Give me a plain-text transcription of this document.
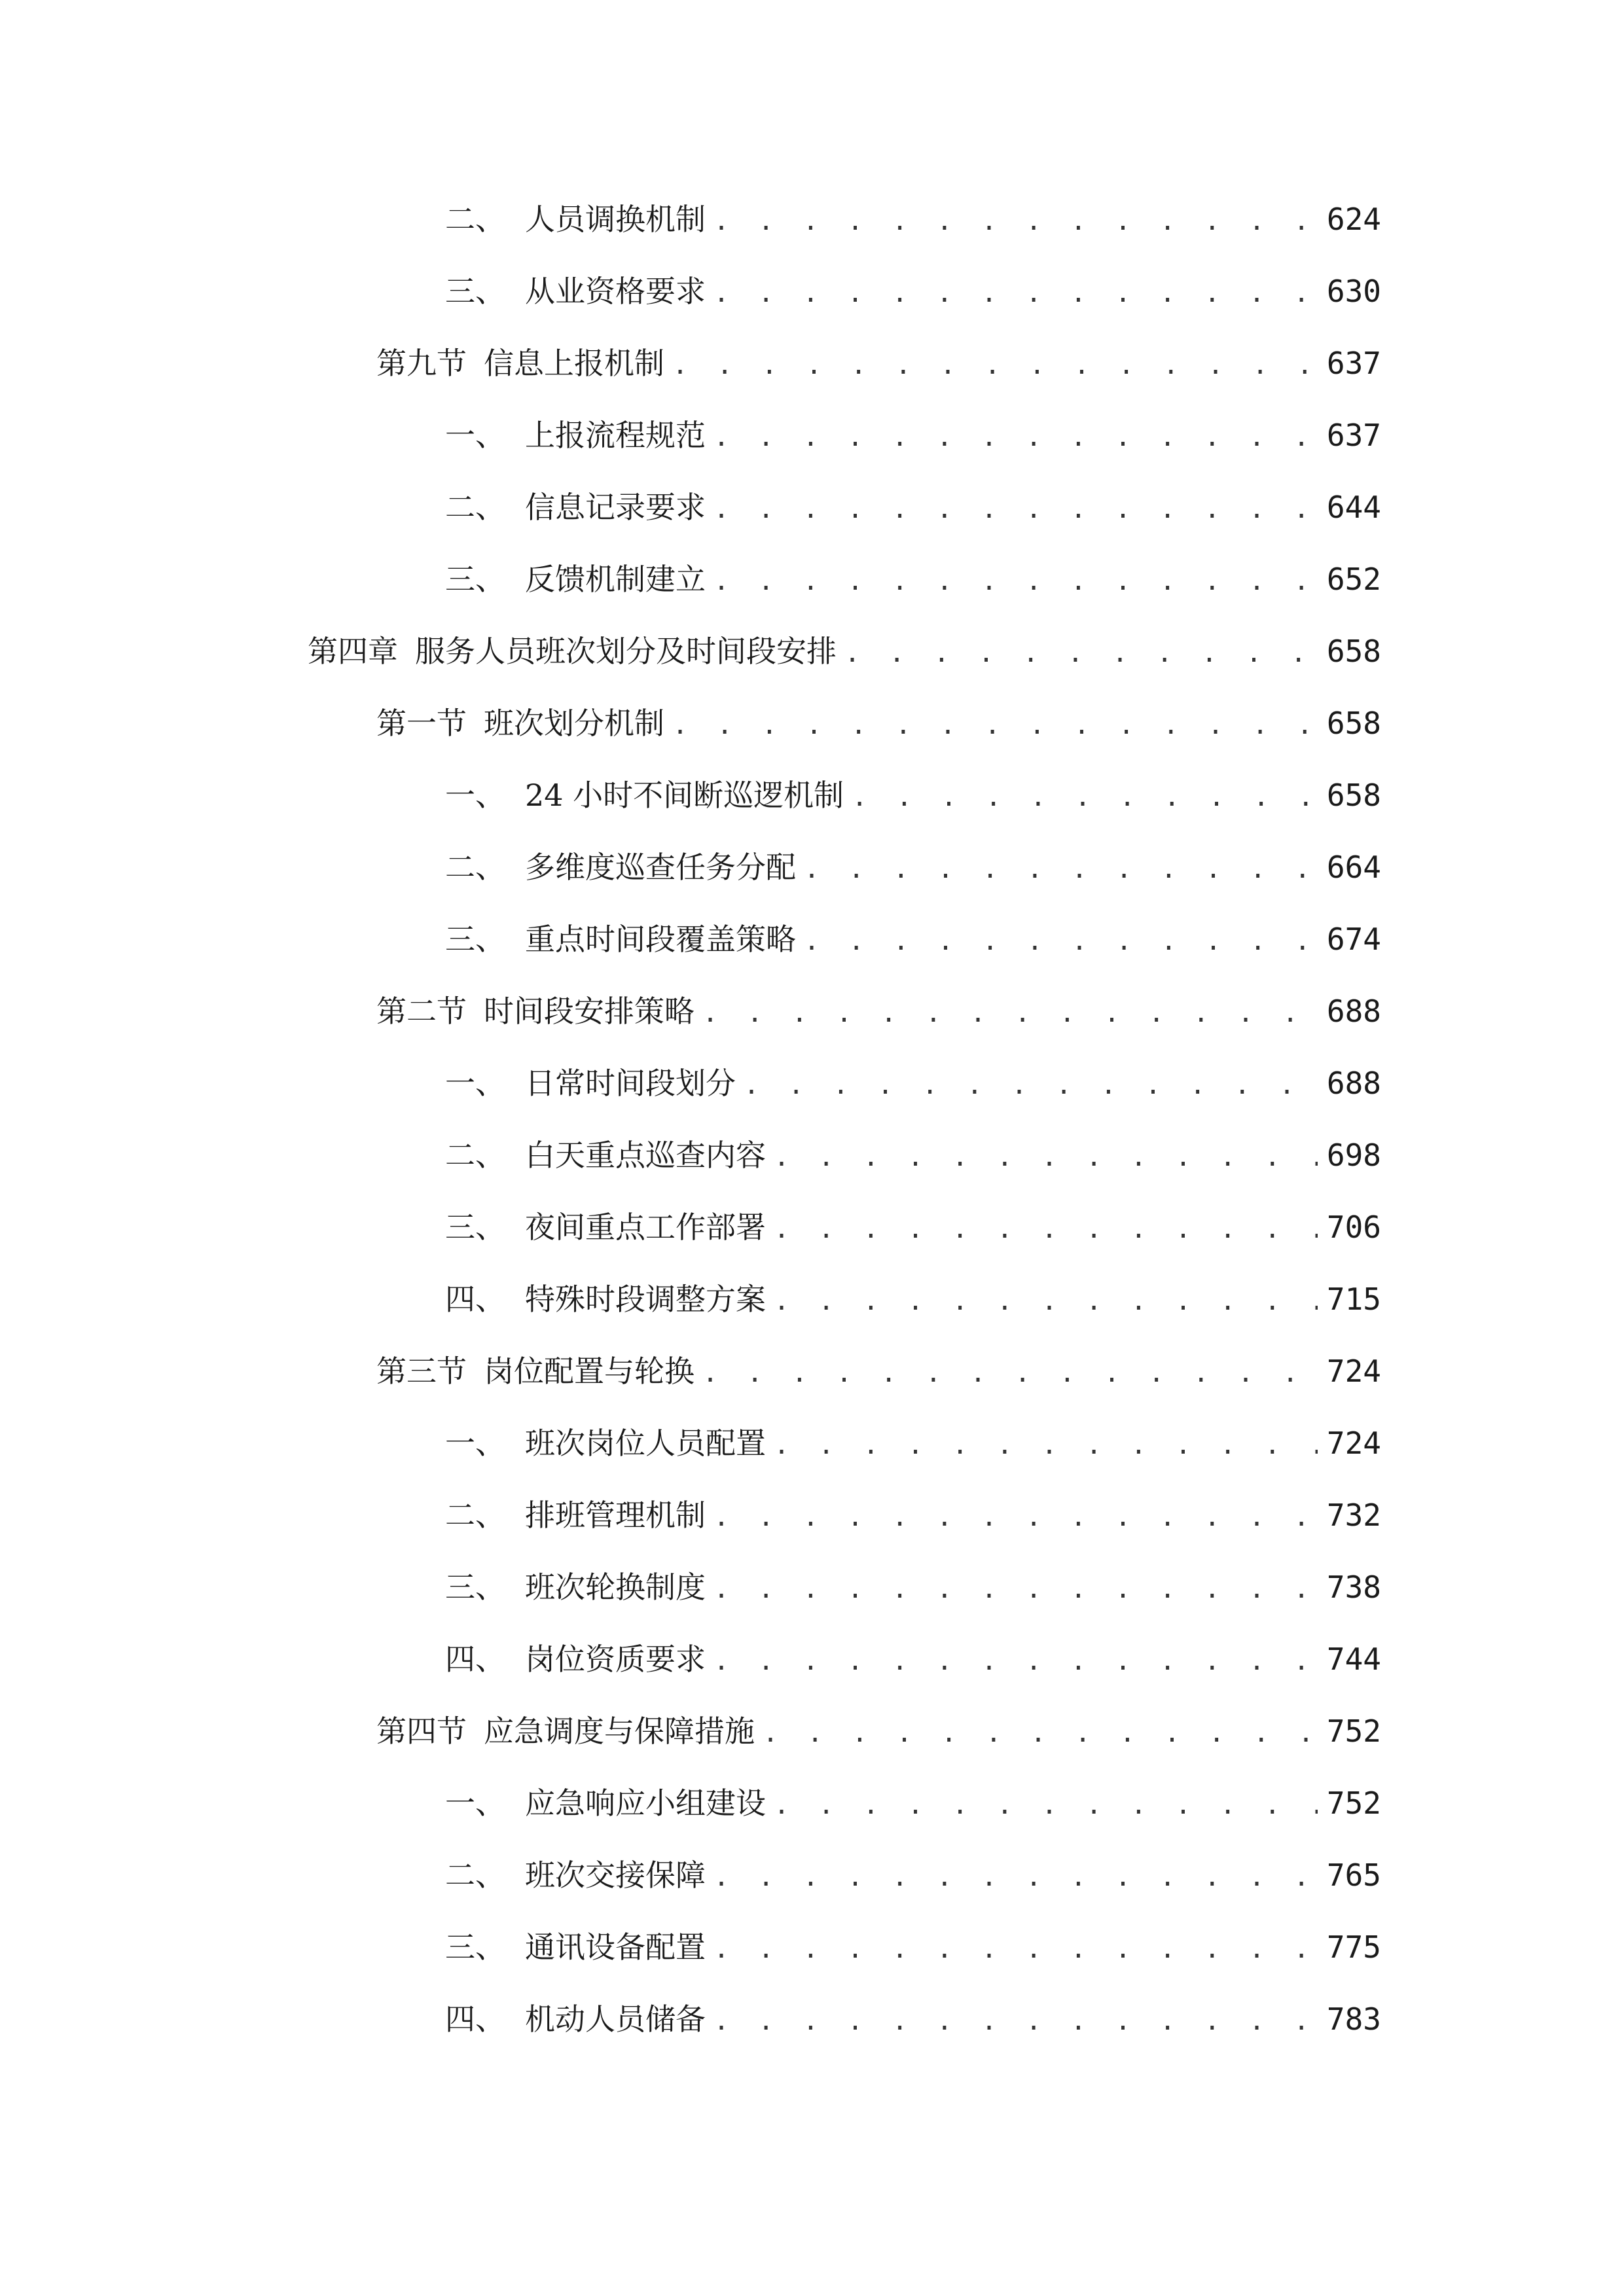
二、 人员调换机制 . . .	624
三、 从业资格要求 . . .	630
第九节 信息上报机制 . . .	637
一、 上报流程规范 . . .	637
二、 信息记录要求 . . .	644
三、 反馈机制建立 . . .	652
第四章 服务人员班次划分及时间段安排 . . .	658
第一节 班次划分机制 . . .	658
一、 24 小时不间断巡逻机制 . . .	658
二、 多维度巡查任务分配 . . .	664
三、 重点时间段覆盖策略 . . .	674
第二节 时间段安排策略 . . .	688
一、 日常时间段划分 . . .	688
二、 白天重点巡查内容 . . .	698
三、 夜间重点工作部署 . . .	706
四、 特殊时段调整方案 . . .	715
第三节 岗位配置与轮换 . . .	724
一、 班次岗位人员配置 . . .	724
二、 排班管理机制 . . .	732
三、 班次轮换制度 . . .	738
四、 岗位资质要求 . . .	744
第四节 应急调度与保障措施 . . .	752
一、 应急响应小组建设 . . .	752
二、 班次交接保障 . . .	765
三、 通讯设备配置 . . .	775
四、 机动人员储备 . . .	783
